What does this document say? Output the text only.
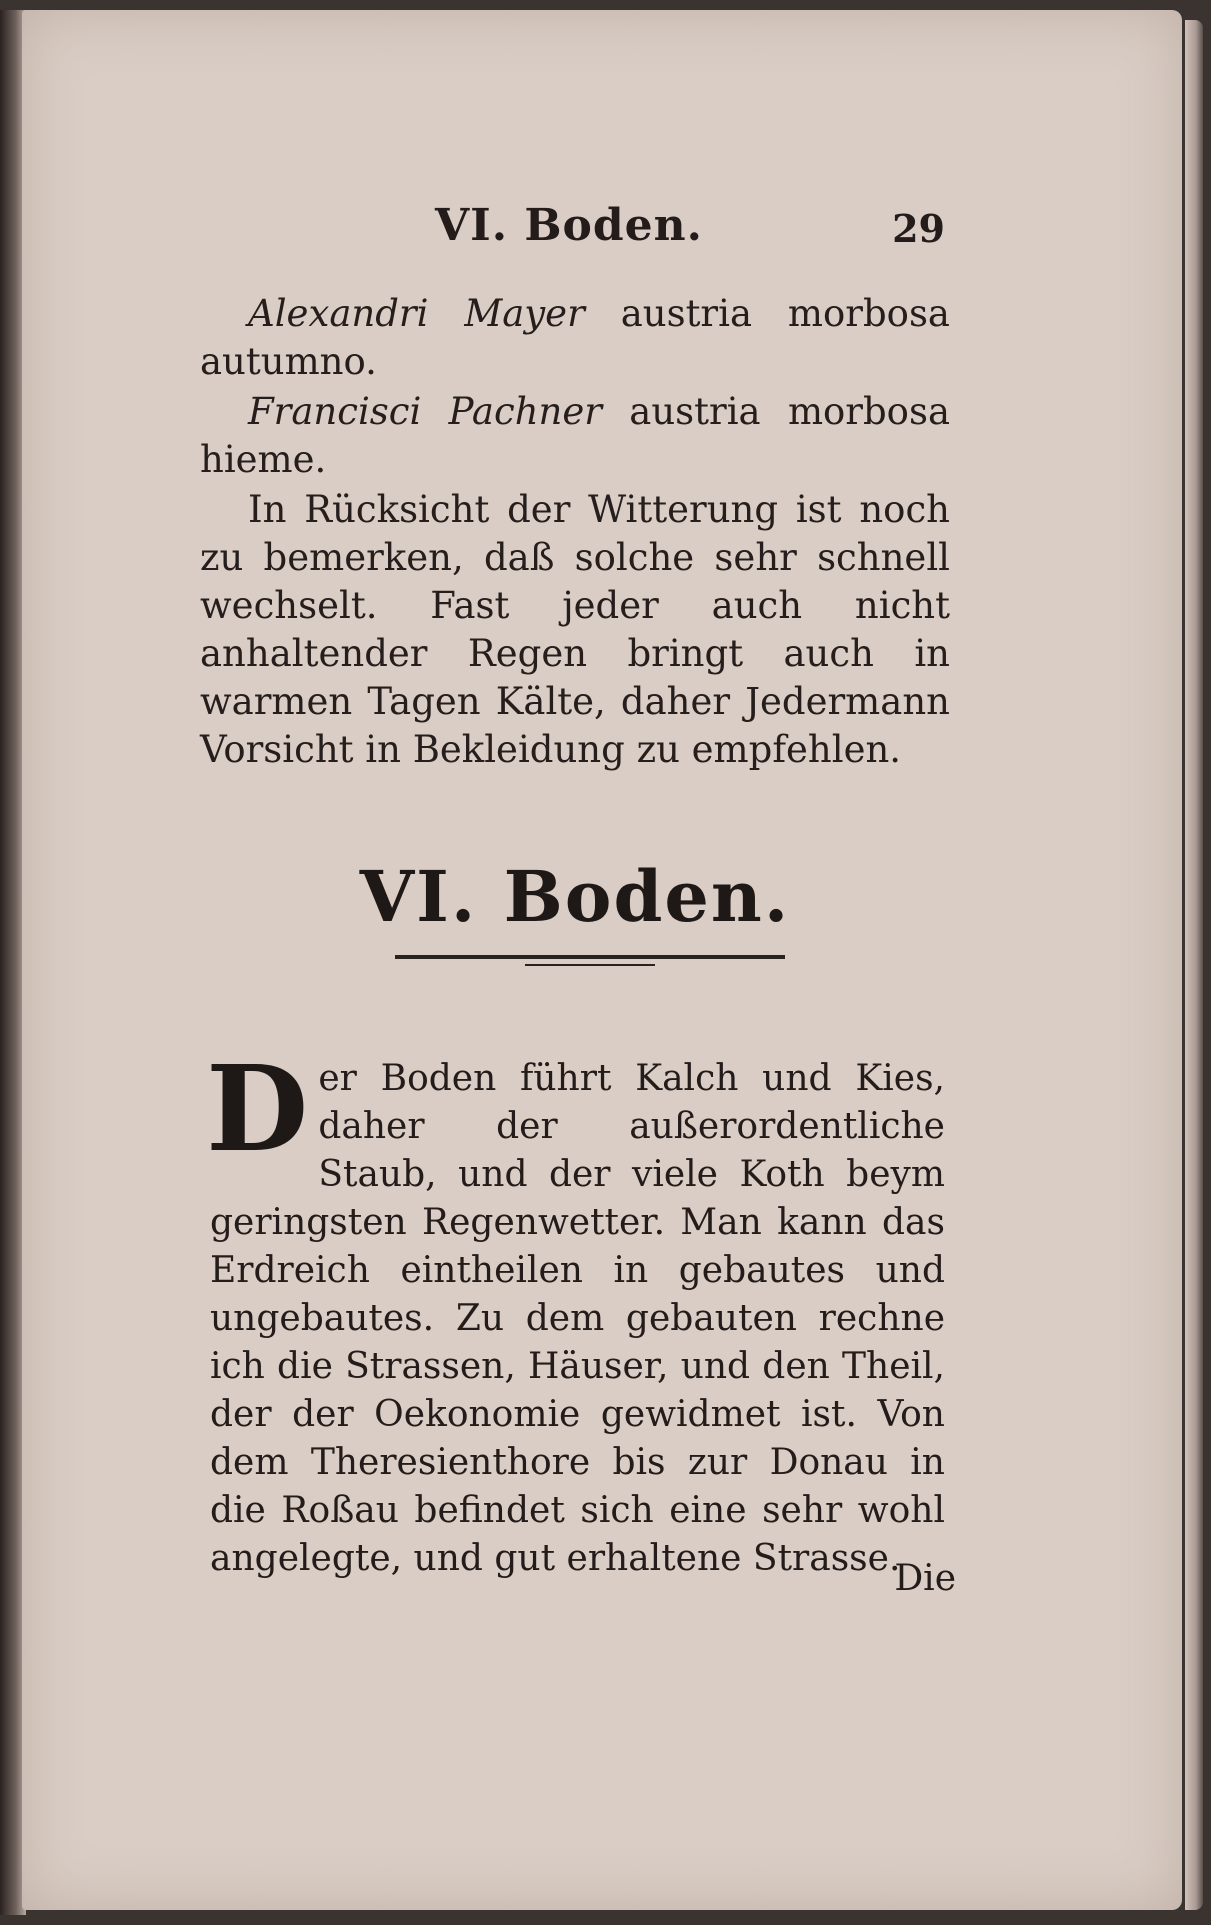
VI. Boden.	29

Alexandri Mayer austria morbosa autumno.

Francisci Pachner austria morbosa hieme.

In Rücksicht der Witterung ist noch zu bemerken, daß solche sehr schnell wechselt. Fast jeder auch nicht anhaltender Regen bringt auch in warmen Tagen Kälte, daher Jedermann Vorsicht in Bekleidung zu empfehlen.

VI. Boden.
Der Boden führt Kalch und Kies, daher der außerordentliche Staub, und der viele Koth beym geringsten Regenwetter. Man kann das Erdreich eintheilen in gebautes und ungebautes. Zu dem gebauten rechne ich die Strassen, Häuser, und den Theil, der der Oekonomie gewidmet ist. Von dem Theresienthore bis zur Donau in die Roßau befindet sich eine sehr wohl angelegte, und gut erhaltene Strasse.
Die
